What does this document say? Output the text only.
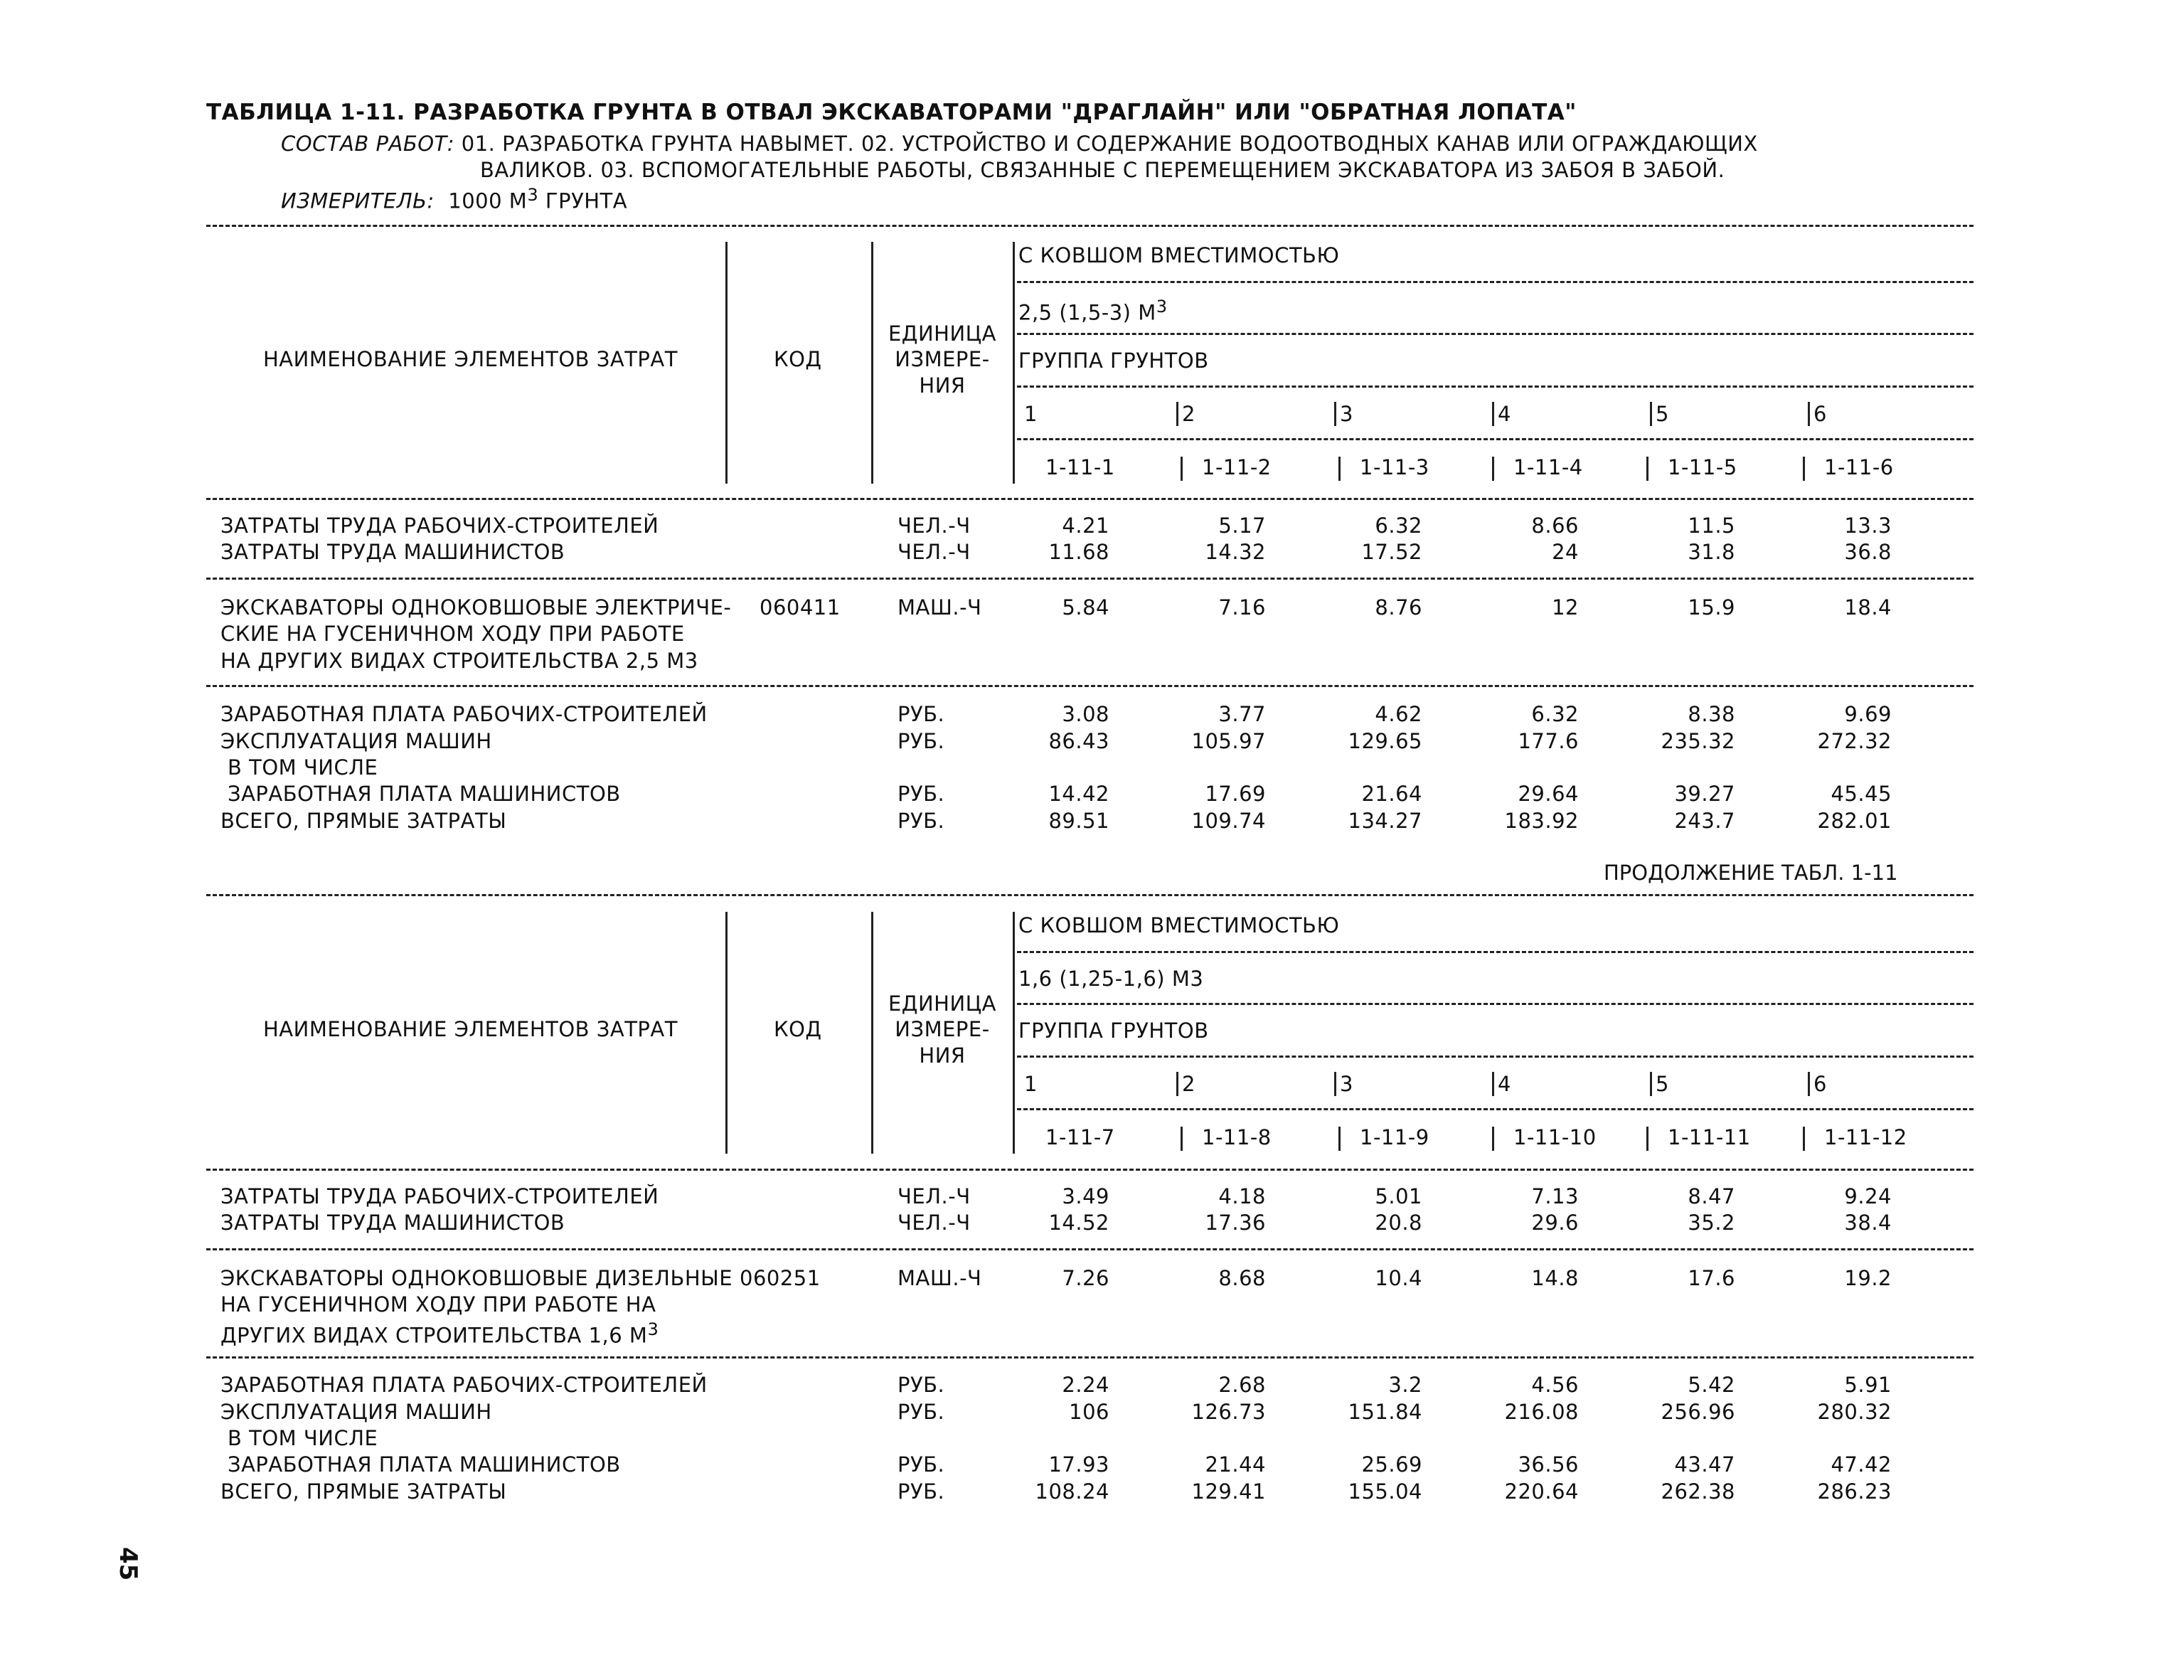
ТАБЛИЦА 1-11. РАЗРАБОТКА ГРУНТА В ОТВАЛ ЭКСКАВАТОРАМИ "ДРАГЛАЙН" ИЛИ "ОБРАТНАЯ ЛОПАТА"
СОСТАВ РАБОТ: 01. РАЗРАБОТКА ГРУНТА НАВЫМЕТ. 02. УСТРОЙСТВО И СОДЕРЖАНИЕ ВОДООТВОДНЫХ КАНАВ ИЛИ ОГРАЖДАЮЩИХ
ВАЛИКОВ. 03. ВСПОМОГАТЕЛЬНЫЕ РАБОТЫ, СВЯЗАННЫЕ С ПЕРЕМЕЩЕНИЕМ ЭКСКАВАТОРА ИЗ ЗАБОЯ В ЗАБОЙ.
ИЗМЕРИТЕЛЬ: 1000 $М^3$ ГРУНТА
НАИМЕНОВАНИЕ ЭЛЕМЕНТОВ ЗАТРАТ	КОД
ЕДИНИЦА
ИЗМЕРЕ-
НИЯ
С КОВШОМ ВМЕСТИМОСТЬЮ
2,5 (1,5-3) $М^3$
ГРУППА ГРУНТОВ
1	2	3	4	5	6
1-11-1	1-11-2	1-11-3	1-11-4	1-11-5	1-11-6
ЗАТРАТЫ ТРУДА РАБОЧИХ-СТРОИТЕЛЕЙ	ЧЕЛ.-Ч	4.21	5.17	6.32	8.66	11.5	13.3
ЗАТРАТЫ ТРУДА МАШИНИСТОВ	ЧЕЛ.-Ч	11.68	14.32	17.52	24	31.8	36.8
ЭКСКАВАТОРЫ ОДНОКОВШОВЫЕ ЭЛЕКТРИЧЕ-
СКИЕ НА ГУСЕНИЧНОМ ХОДУ ПРИ РАБОТЕ
НА ДРУГИХ ВИДАХ СТРОИТЕЛЬСТВА 2,5 М3
060411	МАШ.-Ч	5.84	7.16	8.76	12	15.9	18.4
ЗАРАБОТНАЯ ПЛАТА РАБОЧИХ-СТРОИТЕЛЕЙ	РУБ.	3.08	3.77	4.62	6.32	8.38	9.69
ЭКСПЛУАТАЦИЯ МАШИН	РУБ.	86.43	105.97	129.65	177.6	235.32	272.32
В ТОМ ЧИСЛЕ
ЗАРАБОТНАЯ ПЛАТА МАШИНИСТОВ	РУБ.	14.42	17.69	21.64	29.64	39.27	45.45
ВСЕГО, ПРЯМЫЕ ЗАТРАТЫ	РУБ.	89.51	109.74	134.27	183.92	243.7	282.01
НАИМЕНОВАНИЕ ЭЛЕМЕНТОВ ЗАТРАТ	КОД
ЕДИНИЦА
ИЗМЕРЕ-
НИЯ
С КОВШОМ ВМЕСТИМОСТЬЮ
1,6 (1,25-1,6) М3
ГРУППА ГРУНТОВ
1	2	3	4	5	6
1-11-7	1-11-8	1-11-9	1-11-10	1-11-11	1-11-12
ЗАТРАТЫ ТРУДА РАБОЧИХ-СТРОИТЕЛЕЙ	ЧЕЛ.-Ч	3.49	4.18	5.01	7.13	8.47	9.24
ЗАТРАТЫ ТРУДА МАШИНИСТОВ	ЧЕЛ.-Ч	14.52	17.36	20.8	29.6	35.2	38.4
ЭКСКАВАТОРЫ ОДНОКОВШОВЫЕ ДИЗЕЛЬНЫЕ
НА ГУСЕНИЧНОМ ХОДУ ПРИ РАБОТЕ НА
ДРУГИХ ВИДАХ СТРОИТЕЛЬСТВА 1,6 $М^3$
060251	МАШ.-Ч	7.26	8.68	10.4	14.8	17.6	19.2
ЗАРАБОТНАЯ ПЛАТА РАБОЧИХ-СТРОИТЕЛЕЙ	РУБ.	2.24	2.68	3.2	4.56	5.42	5.91
ЭКСПЛУАТАЦИЯ МАШИН	РУБ.	106	126.73	151.84	216.08	256.96	280.32
В ТОМ ЧИСЛЕ
ЗАРАБОТНАЯ ПЛАТА МАШИНИСТОВ	РУБ.	17.93	21.44	25.69	36.56	43.47	47.42
ВСЕГО, ПРЯМЫЕ ЗАТРАТЫ	РУБ.	108.24	129.41	155.04	220.64	262.38	286.23
ПРОДОЛЖЕНИЕ ТАБЛ. 1-11
45
